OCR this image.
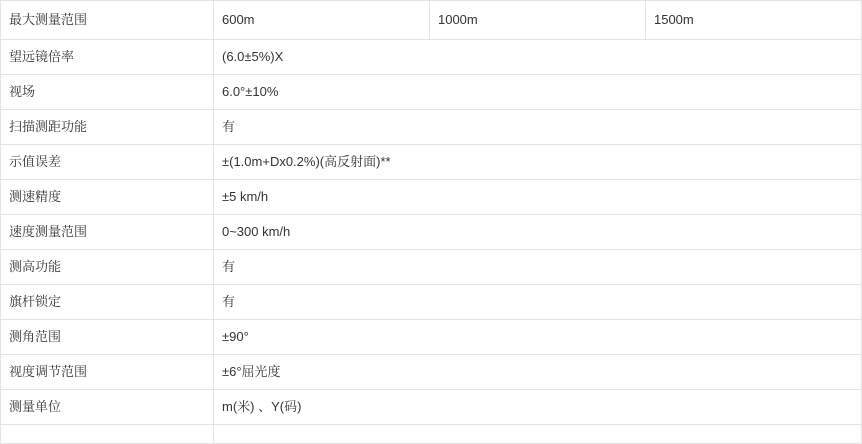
最大测量范围	600m	1000m	1500m
望远镜倍率	(6.0±5%)X		
视场	6.0°±10%		
扫描测距功能	有		
示值误差	±(1.0m+Dx0.2%)(高反射面)**		
测速精度	±5 km/h		
速度测量范围	0~300 km/h		
测高功能	有		
旗杆锁定	有		
测角范围	±90°		
视度调节范围	±6°屈光度		
测量单位	m(米) 、Y(码)		
